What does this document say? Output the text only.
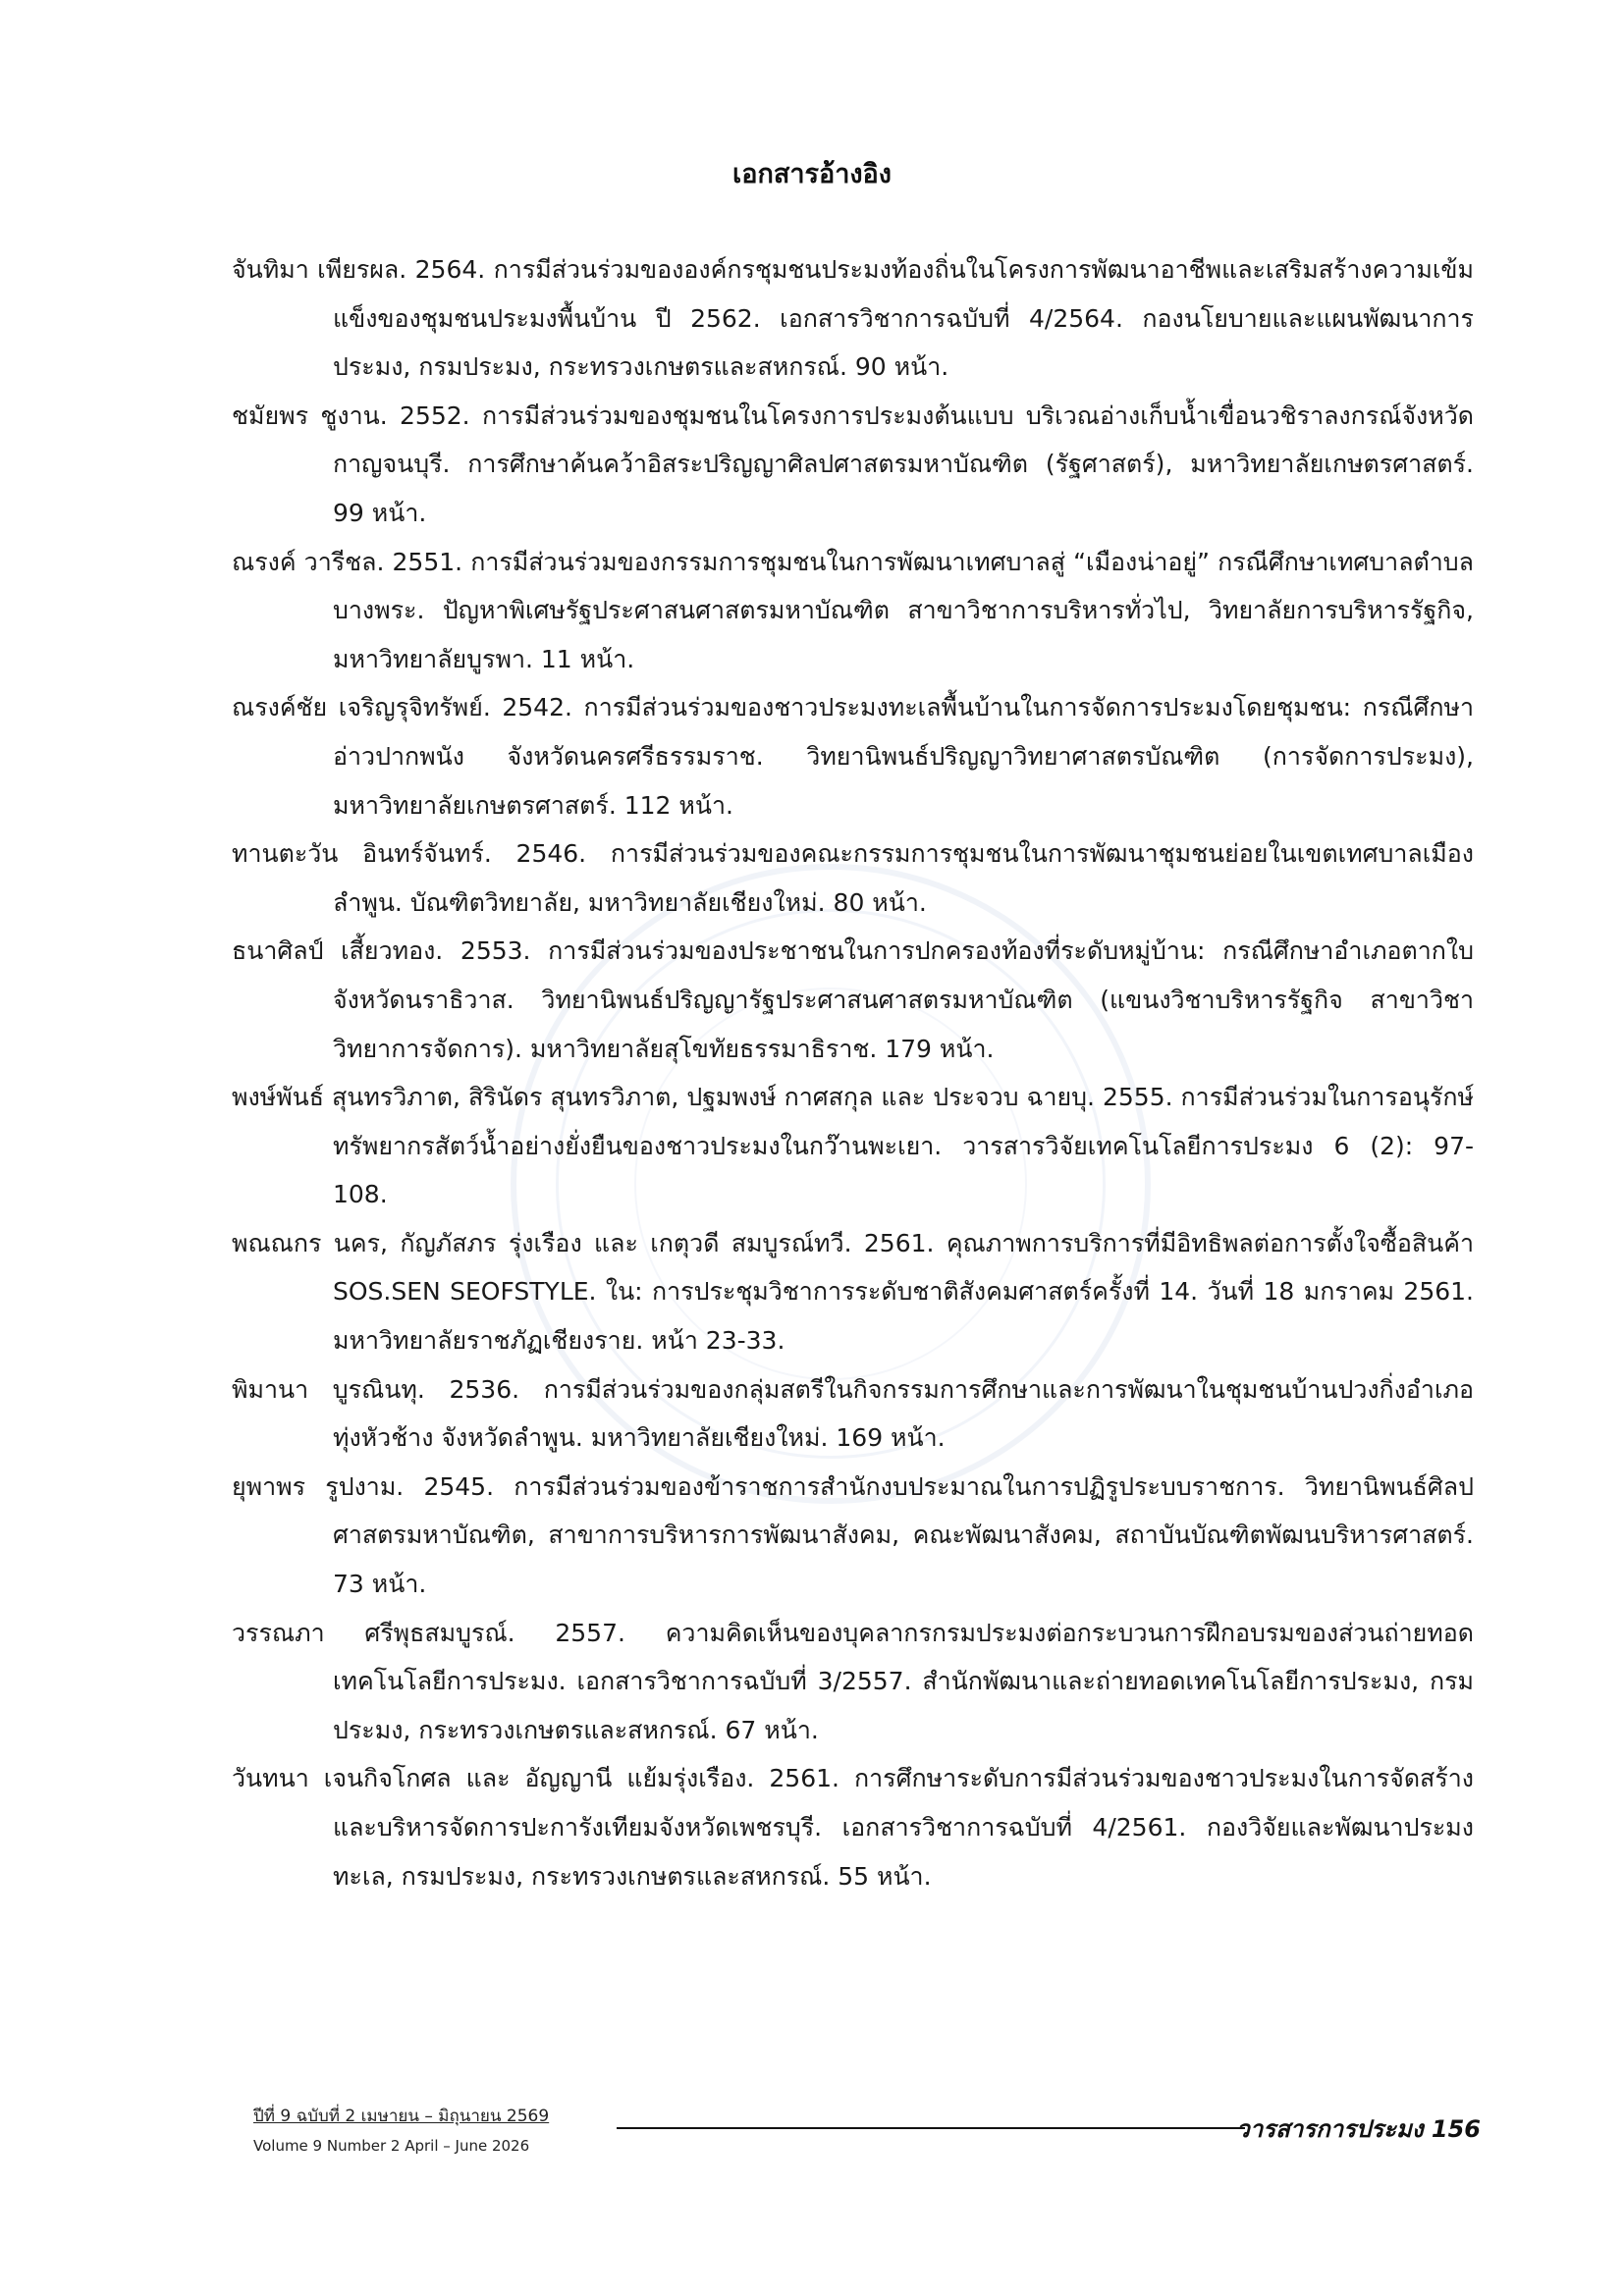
เอกสารอ้างอิง

จันทิมา เพียรผล. 2564. การมีส่วนร่วมขององค์กรชุมชนประมงท้องถิ่นในโครงการพัฒนาอาชีพและเสริมสร้างความเข้มแข็งของชุมชนประมงพื้นบ้าน ปี 2562. เอกสารวิชาการฉบับที่ 4/2564. กองนโยบายและแผนพัฒนาการประมง, กรมประมง, กระทรวงเกษตรและสหกรณ์. 90 หน้า.

ชมัยพร ชูงาน. 2552. การมีส่วนร่วมของชุมชนในโครงการประมงต้นแบบ บริเวณอ่างเก็บน้ำเขื่อนวชิราลงกรณ์จังหวัดกาญจนบุรี. การศึกษาค้นคว้าอิสระปริญญาศิลปศาสตรมหาบัณฑิต (รัฐศาสตร์), มหาวิทยาลัยเกษตรศาสตร์. 99 หน้า.

ณรงค์ วารีชล. 2551. การมีส่วนร่วมของกรรมการชุมชนในการพัฒนาเทศบาลสู่ “เมืองน่าอยู่” กรณีศึกษาเทศบาลตำบลบางพระ. ปัญหาพิเศษรัฐประศาสนศาสตรมหาบัณฑิต สาขาวิชาการบริหารทั่วไป, วิทยาลัยการบริหารรัฐกิจ, มหาวิทยาลัยบูรพา. 11 หน้า.

ณรงค์ชัย เจริญรุจิทรัพย์. 2542. การมีส่วนร่วมของชาวประมงทะเลพื้นบ้านในการจัดการประมงโดยชุมชน: กรณีศึกษาอ่าวปากพนัง จังหวัดนครศรีธรรมราช. วิทยานิพนธ์ปริญญาวิทยาศาสตรบัณฑิต (การจัดการประมง), มหาวิทยาลัยเกษตรศาสตร์. 112 หน้า.

ทานตะวัน อินทร์จันทร์. 2546. การมีส่วนร่วมของคณะกรรมการชุมชนในการพัฒนาชุมชนย่อยในเขตเทศบาลเมืองลำพูน. บัณฑิตวิทยาลัย, มหาวิทยาลัยเชียงใหม่. 80 หน้า.

ธนาศิลป์ เสี้ยวทอง. 2553. การมีส่วนร่วมของประชาชนในการปกครองท้องที่ระดับหมู่บ้าน: กรณีศึกษาอำเภอตากใบ จังหวัดนราธิวาส. วิทยานิพนธ์ปริญญารัฐประศาสนศาสตรมหาบัณฑิต (แขนงวิชาบริหารรัฐกิจ สาขาวิชาวิทยาการจัดการ). มหาวิทยาลัยสุโขทัยธรรมาธิราช. 179 หน้า.

พงษ์พันธ์ สุนทรวิภาต, สิรินัดร สุนทรวิภาต, ปฐมพงษ์ กาศสกุล และ ประจวบ ฉายบุ. 2555. การมีส่วนร่วมในการอนุรักษ์ทรัพยากรสัตว์น้ำอย่างยั่งยืนของชาวประมงในกว๊านพะเยา. วารสารวิจัยเทคโนโลยีการประมง 6 (2): 97-108.

พณณกร นคร, กัญภัสภร รุ่งเรือง และ เกตุวดี สมบูรณ์ทวี. 2561. คุณภาพการบริการที่มีอิทธิพลต่อการตั้งใจซื้อสินค้า SOS.SEN SEOFSTYLE. ใน: การประชุมวิชาการระดับชาติสังคมศาสตร์ครั้งที่ 14. วันที่ 18 มกราคม 2561. มหาวิทยาลัยราชภัฏเชียงราย. หน้า 23-33.

พิมานา บูรณินทุ. 2536. การมีส่วนร่วมของกลุ่มสตรีในกิจกรรมการศึกษาและการพัฒนาในชุมชนบ้านปวงกิ่งอำเภอทุ่งหัวช้าง จังหวัดลำพูน. มหาวิทยาลัยเชียงใหม่. 169 หน้า.

ยุพาพร รูปงาม. 2545. การมีส่วนร่วมของข้าราชการสำนักงบประมาณในการปฏิรูประบบราชการ. วิทยานิพนธ์ศิลปศาสตรมหาบัณฑิต, สาขาการบริหารการพัฒนาสังคม, คณะพัฒนาสังคม, สถาบันบัณฑิตพัฒนบริหารศาสตร์. 73 หน้า.

วรรณภา ศรีพุธสมบูรณ์. 2557. ความคิดเห็นของบุคลากรกรมประมงต่อกระบวนการฝึกอบรมของส่วนถ่ายทอดเทคโนโลยีการประมง. เอกสารวิชาการฉบับที่ 3/2557. สำนักพัฒนาและถ่ายทอดเทคโนโลยีการประมง, กรมประมง, กระทรวงเกษตรและสหกรณ์. 67 หน้า.

วันทนา เจนกิจโกศล และ อัญญานี แย้มรุ่งเรือง. 2561. การศึกษาระดับการมีส่วนร่วมของชาวประมงในการจัดสร้างและบริหารจัดการปะการังเทียมจังหวัดเพชรบุรี. เอกสารวิชาการฉบับที่ 4/2561. กองวิจัยและพัฒนาประมงทะเล, กรมประมง, กระทรวงเกษตรและสหกรณ์. 55 หน้า.

ปีที่ 9 ฉบับที่ 2 เมษายน – มิถุนายน 2569
Volume 9 Number 2 April – June 2026
วารสารการประมง 156
